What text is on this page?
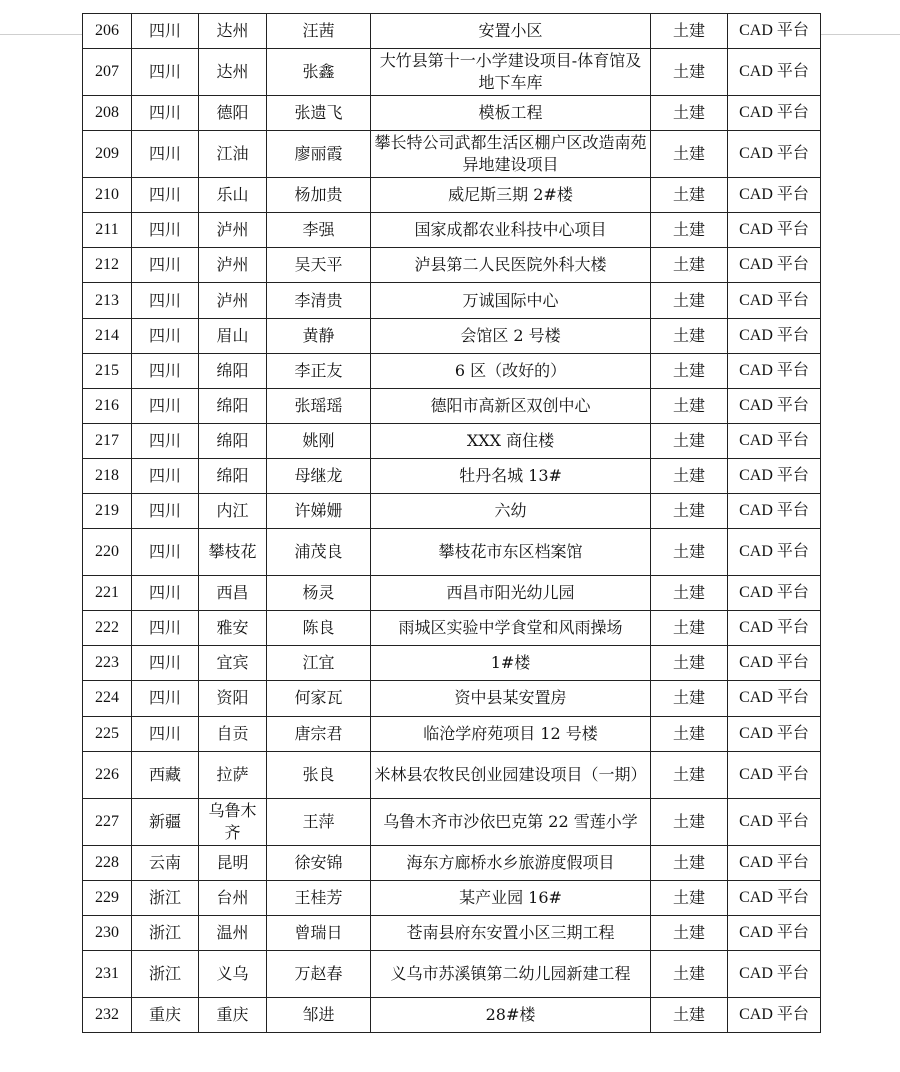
206	四川	达州	汪茜	安置小区	土建	CAD 平台
207	四川	达州	张鑫	大竹县第十一小学建设项目-体育馆及地下车库	土建	CAD 平台
208	四川	德阳	张遗飞	模板工程	土建	CAD 平台
209	四川	江油	廖丽霞	攀长特公司武都生活区棚户区改造南苑异地建设项目	土建	CAD 平台
210	四川	乐山	杨加贵	威尼斯三期 2#楼	土建	CAD 平台
211	四川	泸州	李强	国家成都农业科技中心项目	土建	CAD 平台
212	四川	泸州	吴天平	泸县第二人民医院外科大楼	土建	CAD 平台
213	四川	泸州	李清贵	万诚国际中心	土建	CAD 平台
214	四川	眉山	黄静	会馆区 2 号楼	土建	CAD 平台
215	四川	绵阳	李正友	6 区（改好的）	土建	CAD 平台
216	四川	绵阳	张瑶瑶	德阳市高新区双创中心	土建	CAD 平台
217	四川	绵阳	姚刚	XXX 商住楼	土建	CAD 平台
218	四川	绵阳	母继龙	牡丹名城 13#	土建	CAD 平台
219	四川	内江	许娣姗	六幼	土建	CAD 平台
220	四川	攀枝花	浦茂良	攀枝花市东区档案馆	土建	CAD 平台
221	四川	西昌	杨灵	西昌市阳光幼儿园	土建	CAD 平台
222	四川	雅安	陈良	雨城区实验中学食堂和风雨操场	土建	CAD 平台
223	四川	宜宾	江宜	1#楼	土建	CAD 平台
224	四川	资阳	何家瓦	资中县某安置房	土建	CAD 平台
225	四川	自贡	唐宗君	临沧学府苑项目 12 号楼	土建	CAD 平台
226	西藏	拉萨	张良	米林县农牧民创业园建设项目（一期）	土建	CAD 平台
227	新疆	乌鲁木齐	王萍	乌鲁木齐市沙依巴克第 22 雪莲小学	土建	CAD 平台
228	云南	昆明	徐安锦	海东方廊桥水乡旅游度假项目	土建	CAD 平台
229	浙江	台州	王桂芳	某产业园 16#	土建	CAD 平台
230	浙江	温州	曾瑞日	苍南县府东安置小区三期工程	土建	CAD 平台
231	浙江	义乌	万赵春	义乌市苏溪镇第二幼儿园新建工程	土建	CAD 平台
232	重庆	重庆	邹进	28#楼	土建	CAD 平台
